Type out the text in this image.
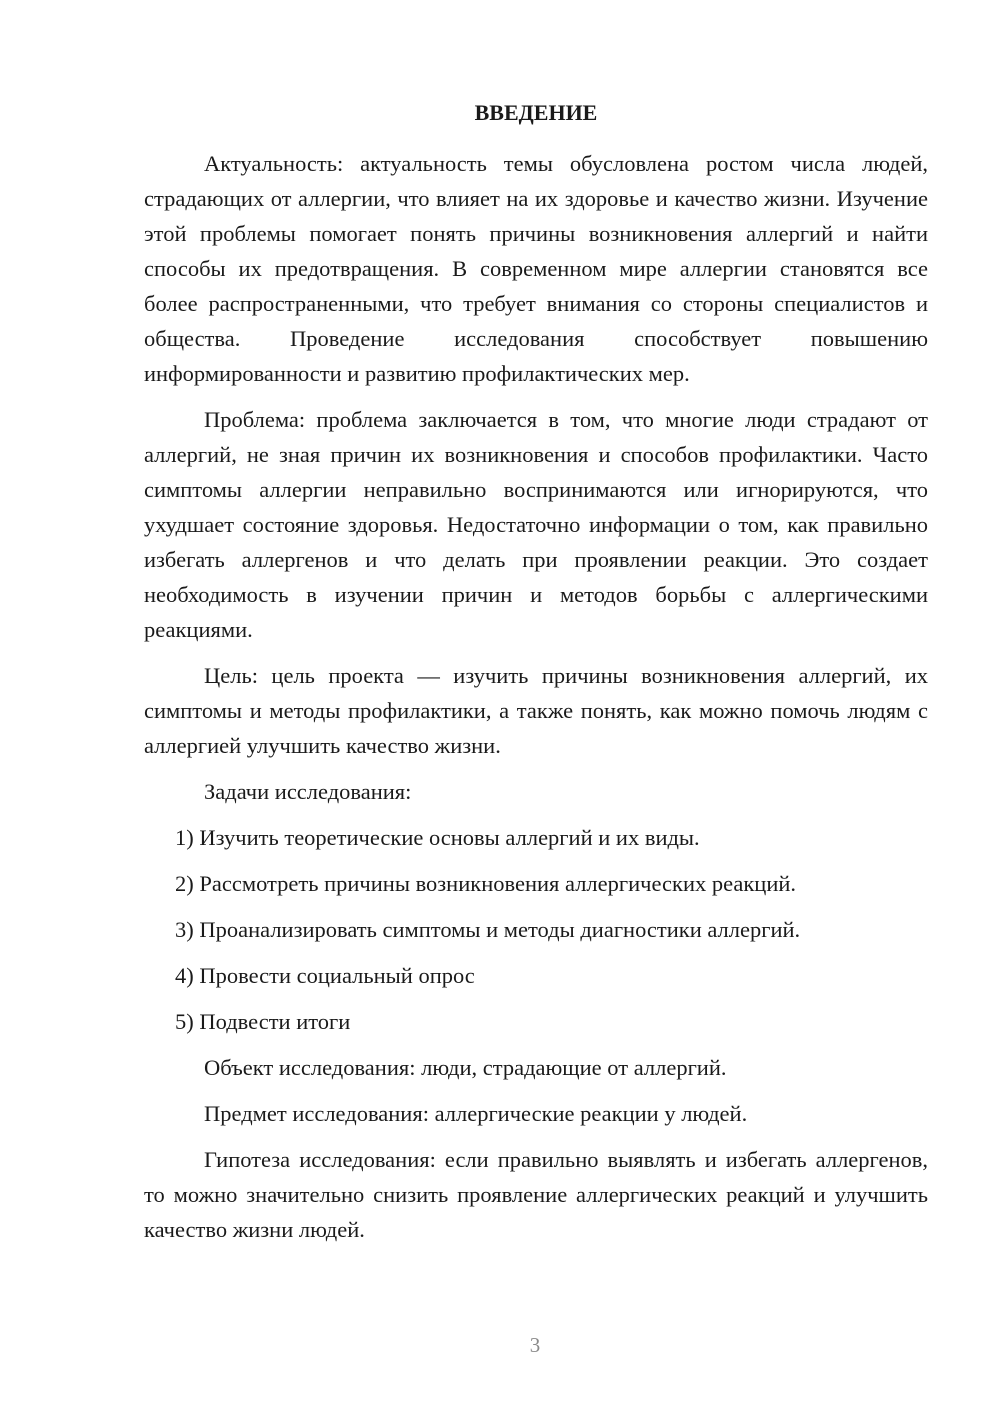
ВВЕДЕНИЕ

Актуальность: актуальность темы обусловлена ростом числа людей, страдающих от аллергии, что влияет на их здоровье и качество жизни. Изучение этой проблемы помогает понять причины возникновения аллергий и найти способы их предотвращения. В современном мире аллергии становятся все более распространенными, что требует внимания со стороны специалистов и общества. Проведение исследования способствует повышению информированности и развитию профилактических мер.

Проблема: проблема заключается в том, что многие люди страдают от аллергий, не зная причин их возникновения и способов профилактики. Часто симптомы аллергии неправильно воспринимаются или игнорируются, что ухудшает состояние здоровья. Недостаточно информации о том, как правильно избегать аллергенов и что делать при проявлении реакции. Это создает необходимость в изучении причин и методов борьбы с аллергическими реакциями.

Цель: цель проекта — изучить причины возникновения аллергий, их симптомы и методы профилактики, а также понять, как можно помочь людям с аллергией улучшить качество жизни.

Задачи исследования:

1) Изучить теоретические основы аллергий и их виды.
2) Рассмотреть причины возникновения аллергических реакций.
3) Проанализировать симптомы и методы диагностики аллергий.
4) Провести социальный опрос
5) Подвести итоги

Объект исследования: люди, страдающие от аллергий.

Предмет исследования: аллергические реакции у людей.

Гипотеза исследования: если правильно выявлять и избегать аллергенов, то можно значительно снизить проявление аллергических реакций и улучшить качество жизни людей.

3
